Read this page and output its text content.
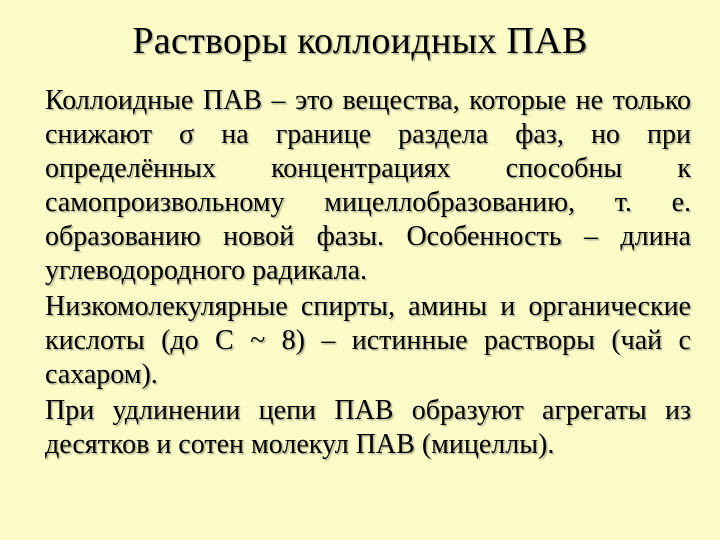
Растворы коллоидных ПАВ

Коллоидные ПАВ – это вещества, которые не только снижают σ на границе раздела фаз, но при определённых концентрациях способны к самопроизвольному мицеллобразованию, т. е. образованию новой фазы. Особенность – длина углеводородного радикала.

Низкомолекулярные спирты, амины и органические кислоты (до С ~ 8) – истинные растворы (чай с сахаром).

При удлинении цепи ПАВ образуют агрегаты из десятков и сотен молекул ПАВ (мицеллы).
